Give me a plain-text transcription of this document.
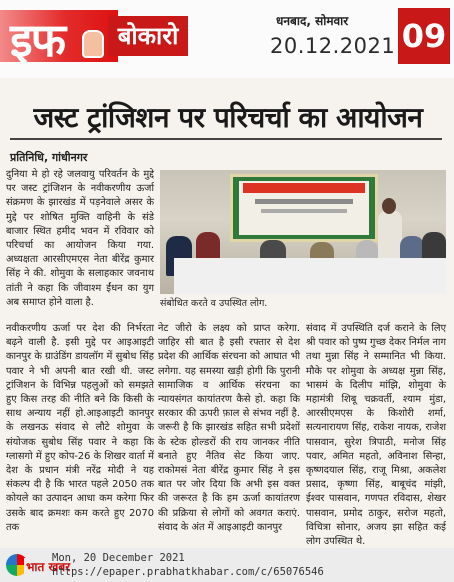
इफ	बोकारो
धनबाद, सोमवार
20.12.2021 09
जस्ट ट्रांजिशन पर परिचर्चा का आयोजन
प्रतिनिधि, गांधीनगर
दुनिया मे हो रहे जलवायु परिवर्तन के मुद्दे पर जस्ट ट्रांजिशन के नवीकरणीय ऊर्जा संक्रमण के झारखंड में पड़नेवाले असर के मुद्दे पर शोषित मुक्ति वाहिनी के संडे बाजार स्थित हमीद भवन में रविवार को परिचर्चा का आयोजन किया गया. अध्यक्षता आरसीएमएस नेता बीरेंद्र कुमार सिंह ने की. शोमुवा के सलाहकार जवनाथ तांती ने कहा कि जीवाश्म ईंधन का युग अब समाप्त होने वाला है.	संबोधित करते व उपस्थित लोग.
नवीकरणीय ऊर्जा पर देश की निर्भरता बढ़ने वाली है. इसी मुद्दे पर आइआइटी कानपुर के ग्राउंडिंग डायलॉग में सुबोध सिंह पवार ने भी अपनी बात रखी थी. जस्ट ट्रांजिशन के विभिन्न पहलुओं को समझते हुए किस तरह की नीति बने कि किसी के साथ अन्याय नहीं हो.आइआइटी कानपुर के लखनऊ संवाद से लौटे शोमुवा के संयोजक सुबोध सिंह पवार ने कहा कि ग्लासगो में हुए कोप-26 के शिखर वार्ता में देश के प्रधान मंत्री नरेंद्र मोदी ने यह संकल्प दी है कि भारत पहले 2050 तक कोयले का उत्पादन आधा कम करेगा फिर उसके बाद क्रमशः कम करते हुए 2070 तक
नेट जीरो के लक्ष्य को प्राप्त करेगा. जाहिर सी बात है इसी रफ्तार से देश प्रदेश की आर्थिक संरचना को आघात भी लगेगा. यह समस्या खड़ी होगी कि पुरानी सामाजिक व आर्थिक संरचना का न्यायसंगत कायांतरण कैसे हो. कहा कि सरकार की ऊपरी फ़ाल से संभव नहीं है. जरूरी है कि झारखंड सहित सभी प्रदेशों के स्टेक होल्डरों की राय जानकर नीति बनाते हुए नैतिव सेट किया जाए. राकोमसं नेता बीरेंद्र कुमार सिंह ने इस बात पर जोर दिया कि अभी इस वक्त की जरूरत है कि हम ऊर्जा कायांतरण की प्रक्रिया से लोगों को अवगत कराएं. संवाद के अंत में आइआइटी कानपुर
संवाद में उपस्थिति दर्ज कराने के लिए श्री पवार को पुष्प गुच्छ देकर निर्मल नाग तथा मुन्ना सिंह ने सम्मानित भी किया. मौके पर शोमुवा के अध्यक्ष मुन्ना सिंह, भासमं के दिलीप मांझि, शोमुवा के महामंत्री शिबू चक्रवर्ती, श्याम मुंडा, आरसीएमएस के किशोरी शर्मा, सत्यनारायण सिंह, राकेश नायक, राजेश पासवान, सुरेश त्रिपाठी, मनोज सिंह पवार, अमित महतो, अविनाश सिन्हा, कृष्णदयाल सिंह, राजू मिश्रा, अकलेश प्रसाद, कृष्णा सिंह, बाबूचंद मांझी, ईश्वर पासवान, गणपत रविदास, शेखर पासवान, प्रमोद ठाकुर, सरोज महतो, विचित्रा सोनार, अजय झा सहित कई लोग उपस्थित थे.
भात खबर
Mon, 20 December 2021
https://epaper.prabhatkhabar.com/c/65076546
